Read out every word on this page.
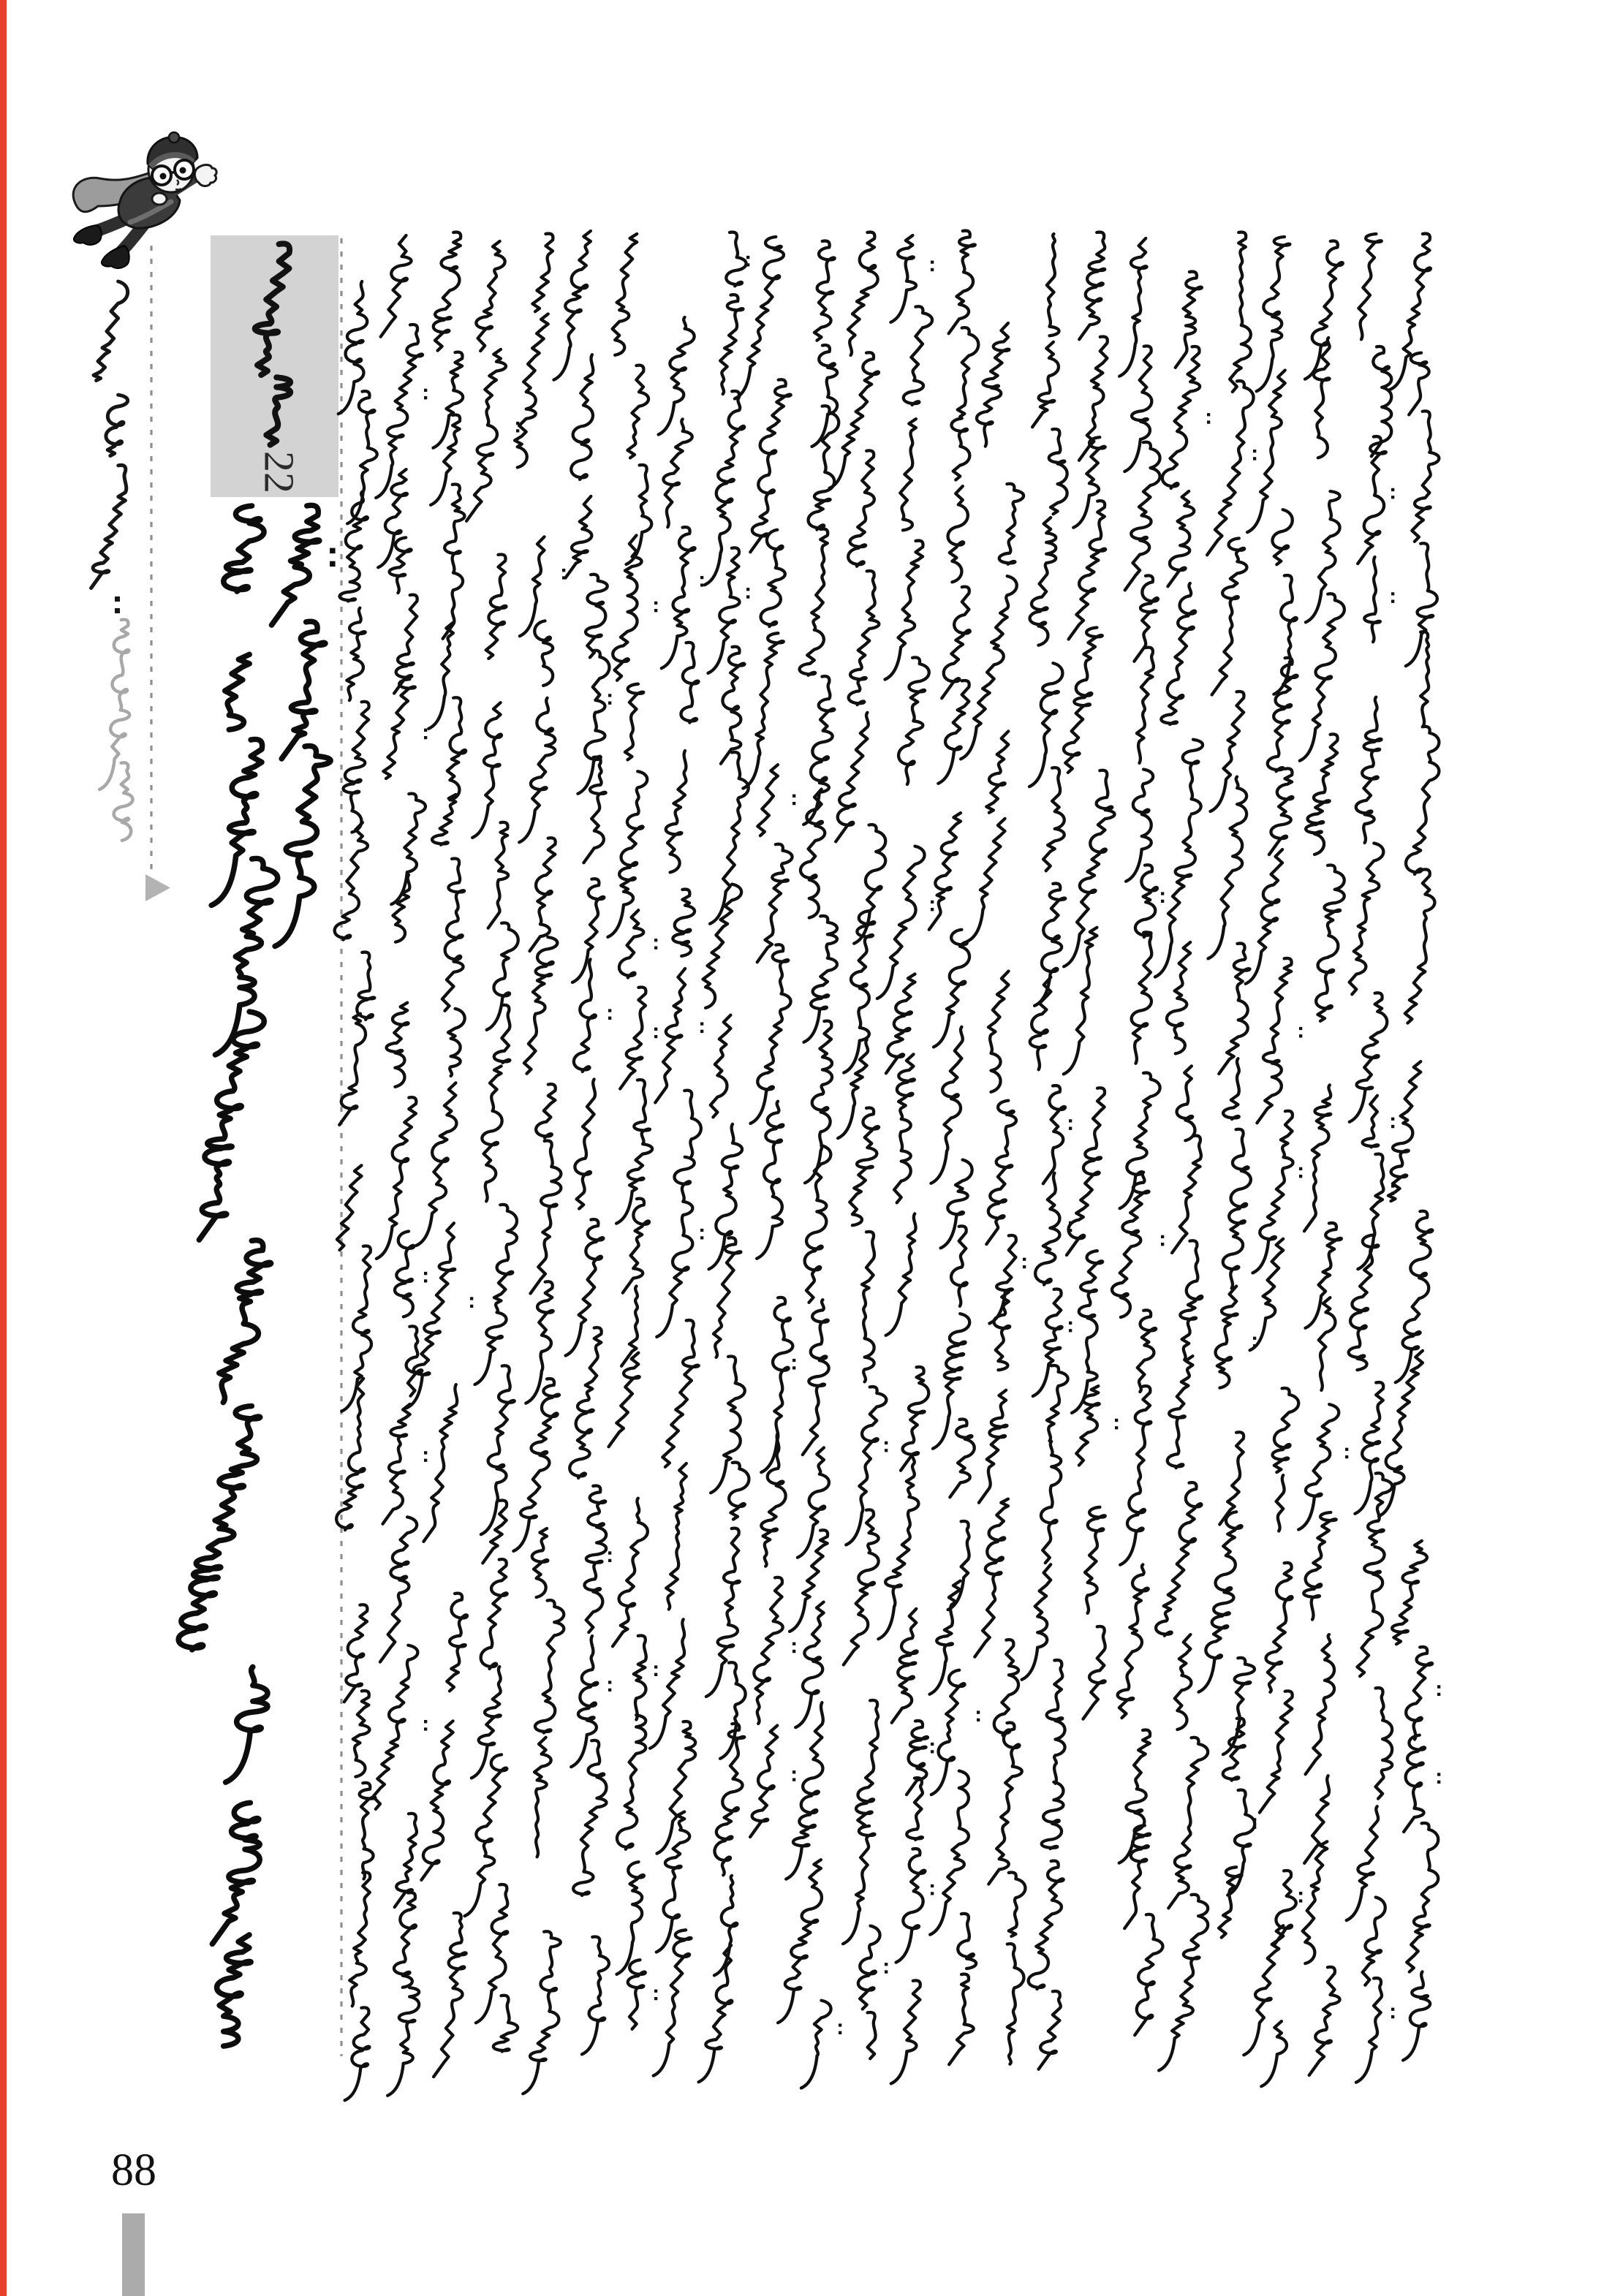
22
88
